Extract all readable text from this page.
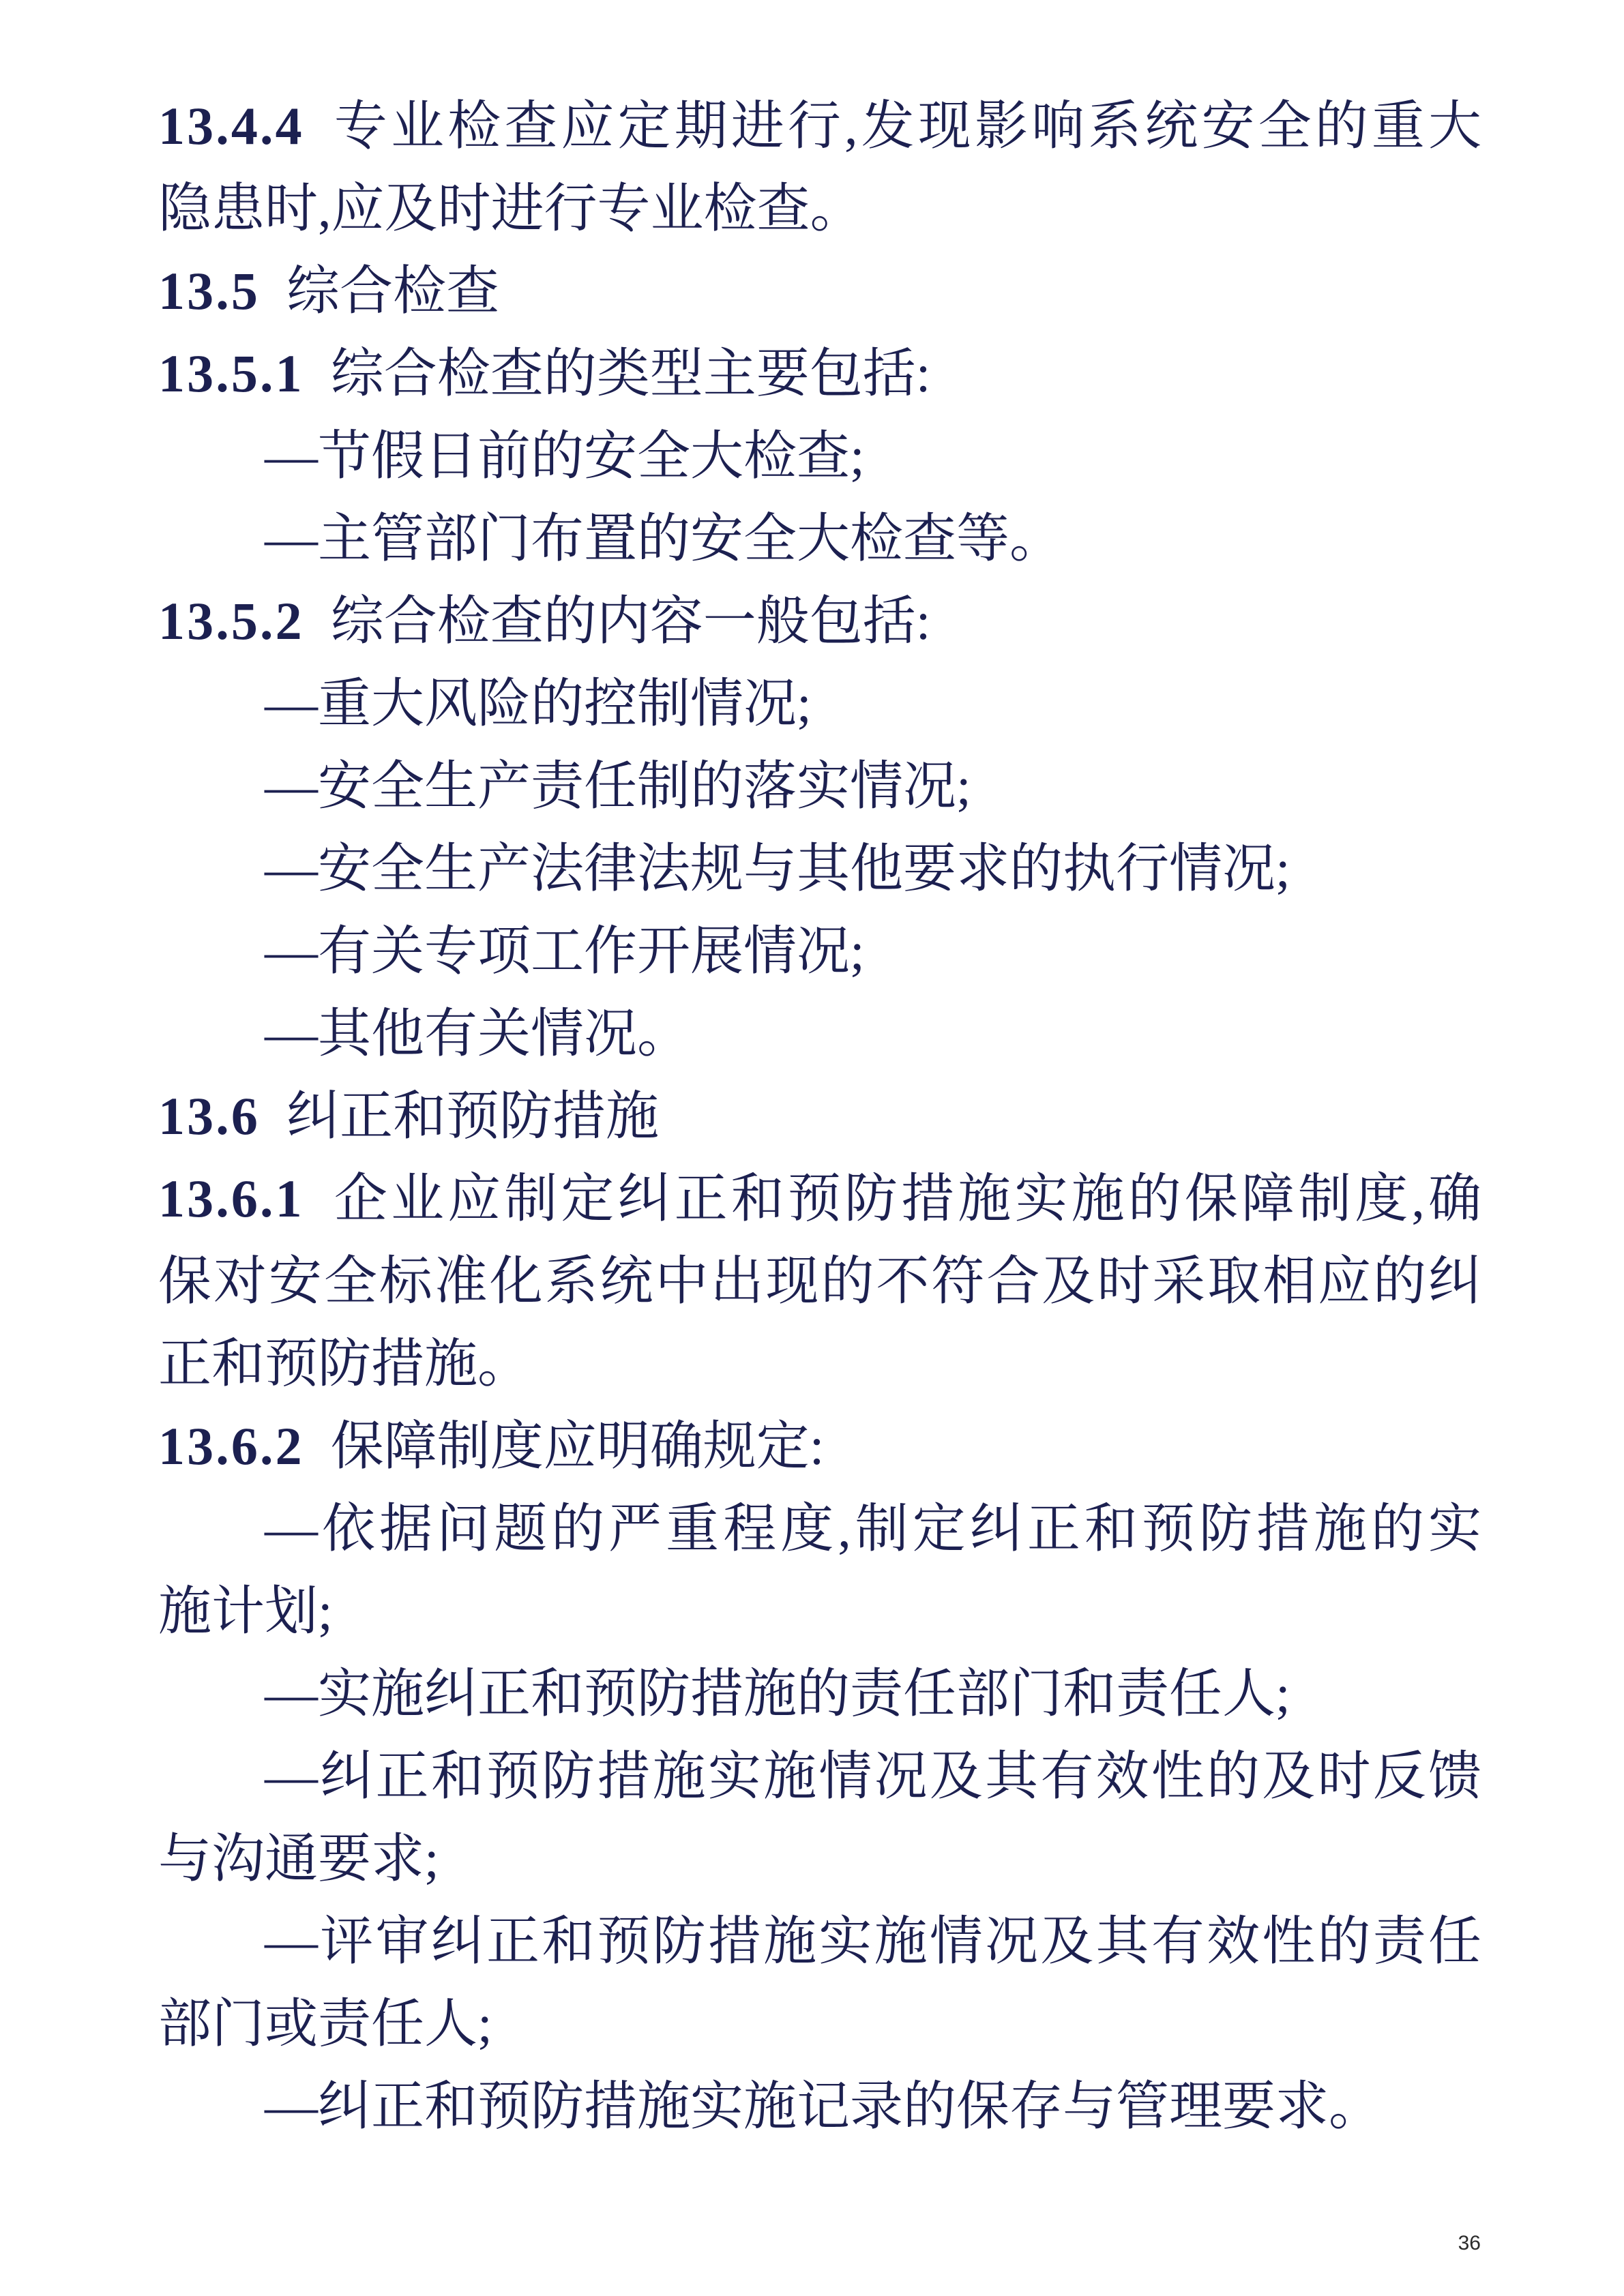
13.4.4 专业检查应定期进行,发现影响系统安全的重大
隐患时,应及时进行专业检查。
13.5 综合检查
13.5.1 综合检查的类型主要包括:
—节假日前的安全大检查;
—主管部门布置的安全大检查等。
13.5.2 综合检查的内容一般包括:
—重大风险的控制情况;
—安全生产责任制的落实情况;
—安全生产法律法规与其他要求的执行情况;
—有关专项工作开展情况;
—其他有关情况。
13.6 纠正和预防措施
13.6.1 企业应制定纠正和预防措施实施的保障制度,确
保对安全标准化系统中出现的不符合及时采取相应的纠
正和预防措施。
13.6.2 保障制度应明确规定:
—依据问题的严重程度,制定纠正和预防措施的实
施计划;
—实施纠正和预防措施的责任部门和责任人;
—纠正和预防措施实施情况及其有效性的及时反馈
与沟通要求;
—评审纠正和预防措施实施情况及其有效性的责任
部门或责任人;
—纠正和预防措施实施记录的保存与管理要求。
36
